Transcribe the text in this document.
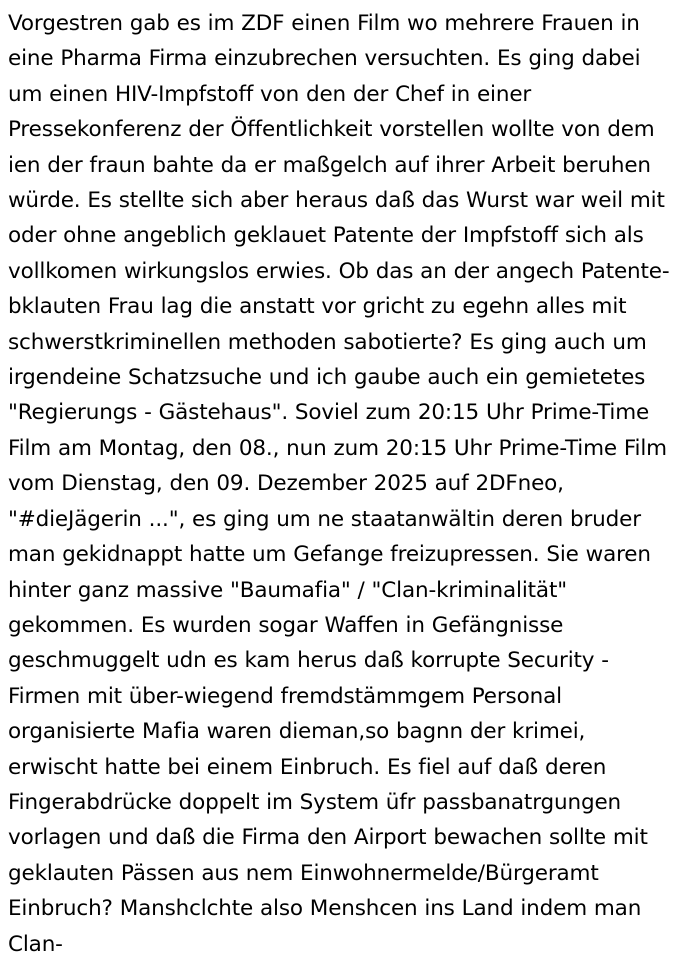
Vorgestren gab es im ZDF einen Film wo mehrere Frauen in eine Pharma Firma einzubrechen versuchten. Es ging dabei um einen HIV-Impfstoff von den der Chef in einer Pressekonferenz der Öffentlichkeit vorstellen wollte von dem ien der fraun bahte da er maßgelch auf ihrer Arbeit beruhen würde. Es stellte sich aber heraus daß das Wurst war weil mit oder ohne angeblich geklauet Patente der Impfstoff sich als vollkomen wirkungslos erwies. Ob das an der angech Patente-bklauten Frau lag die anstatt vor gricht zu egehn alles mit schwerstkriminellen methoden sabotierte? Es ging auch um irgendeine Schatzsuche und ich gaube auch ein gemietetes "Regierungs - Gästehaus". Soviel zum 20:15 Uhr Prime-Time Film am Montag, den 08., nun zum 20:15 Uhr Prime-Time Film vom Dienstag, den 09. Dezember 2025 auf 2DFneo, "#dieJägerin ...", es ging um ne staatanwältin deren bruder man gekidnappt hatte um Gefange freizupressen. Sie waren hinter ganz massive "Baumafia" / "Clan-kriminalität" gekommen. Es wurden sogar Waffen in Gefängnisse geschmuggelt udn es kam herus daß korrupte Security - Firmen mit über-wiegend fremdstämmgem Personal organisierte Mafia waren dieman,so bagnn der krimei, erwischt hatte bei einem Einbruch. Es fiel auf daß deren Fingerabdrücke doppelt im System üfr passbanatrgungen vorlagen und daß die Firma den Airport bewachen sollte mit geklauten Pässen aus nem Einwohnermelde/Bürgeramt Einbruch? Manshclchte also Menshcen ins Land indem man Clan-
